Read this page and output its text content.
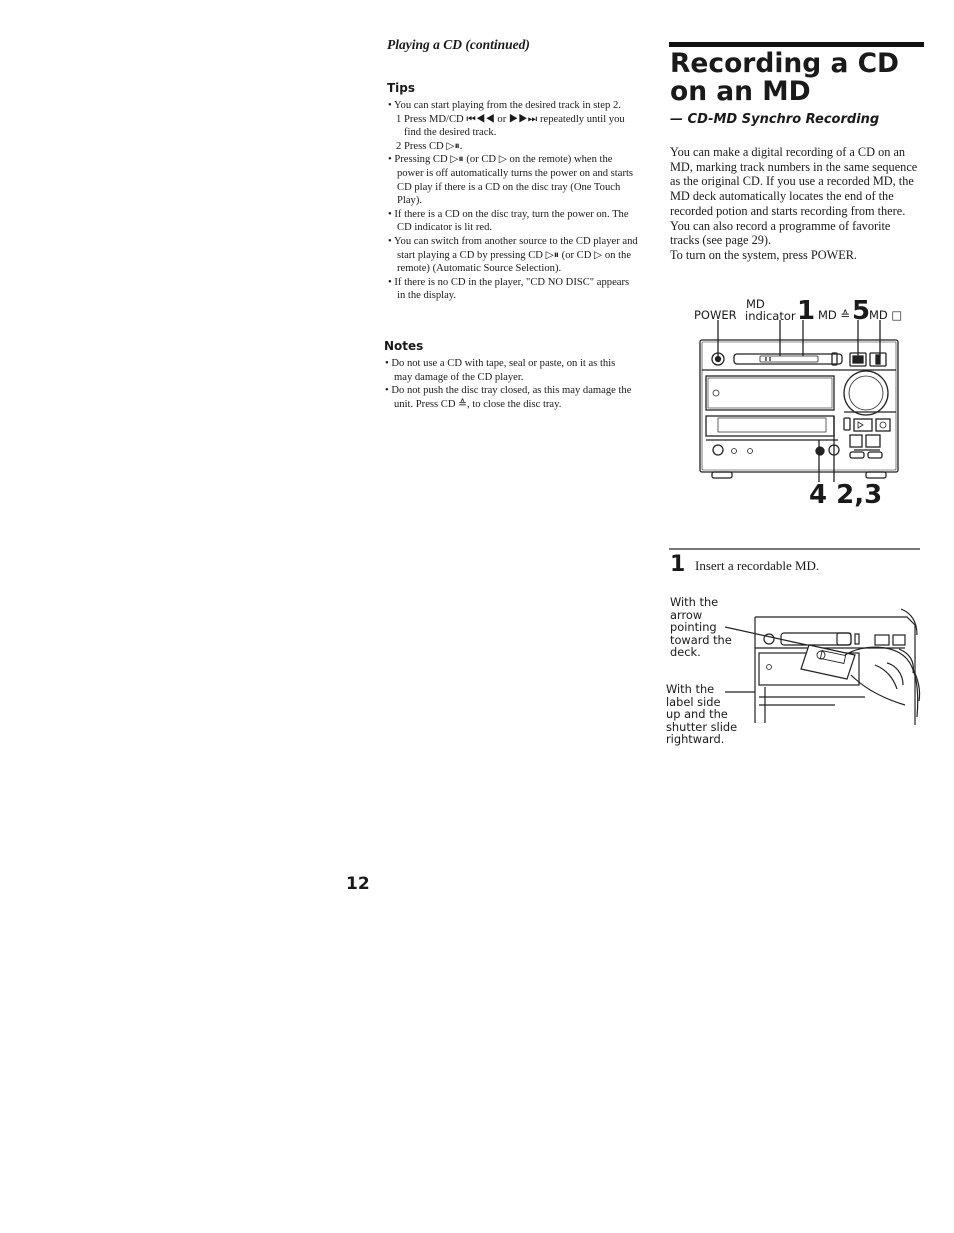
Playing a CD (continued)
Tips

• You can start playing from the desired track in step 2.

1 Press MD/CD ⏮◀◀ or ▶▶⏭ repeatedly until you find the desired track.

2 Press CD ▷⏸.

• Pressing CD ▷⏸ (or CD ▷ on the remote) when the power is off automatically turns the power on and starts CD play if there is a CD on the disc tray (One Touch Play).

• If there is a CD on the disc tray, turn the power on. The CD indicator is lit red.

• You can switch from another source to the CD player and start playing a CD by pressing CD ▷⏸ (or CD ▷ on the remote) (Automatic Source Selection).

• If there is no CD in the player, "CD NO DISC" appears in the display.

Notes

• Do not use a CD with tape, seal or paste, on it as this may damage of the CD player.

• Do not push the disc tray closed, as this may damage the unit. Press CD ≙, to close the disc tray.

12
Recording a CD on an MD
— CD-MD Synchro Recording

You can make a digital recording of a CD on an MD, marking track numbers in the same sequence as the original CD. If you use a recorded MD, the MD deck automatically locates the end of the recorded potion and starts recording from there. You can also record a programme of favorite tracks (see page 29).

To turn on the system, press POWER.

POWER
MD
indicator 1 MD ≙ 5
MD □
4 2,3
1 Insert a recordable MD.
With the arrow pointing toward the deck.
With the label side up and the shutter slide rightward.
